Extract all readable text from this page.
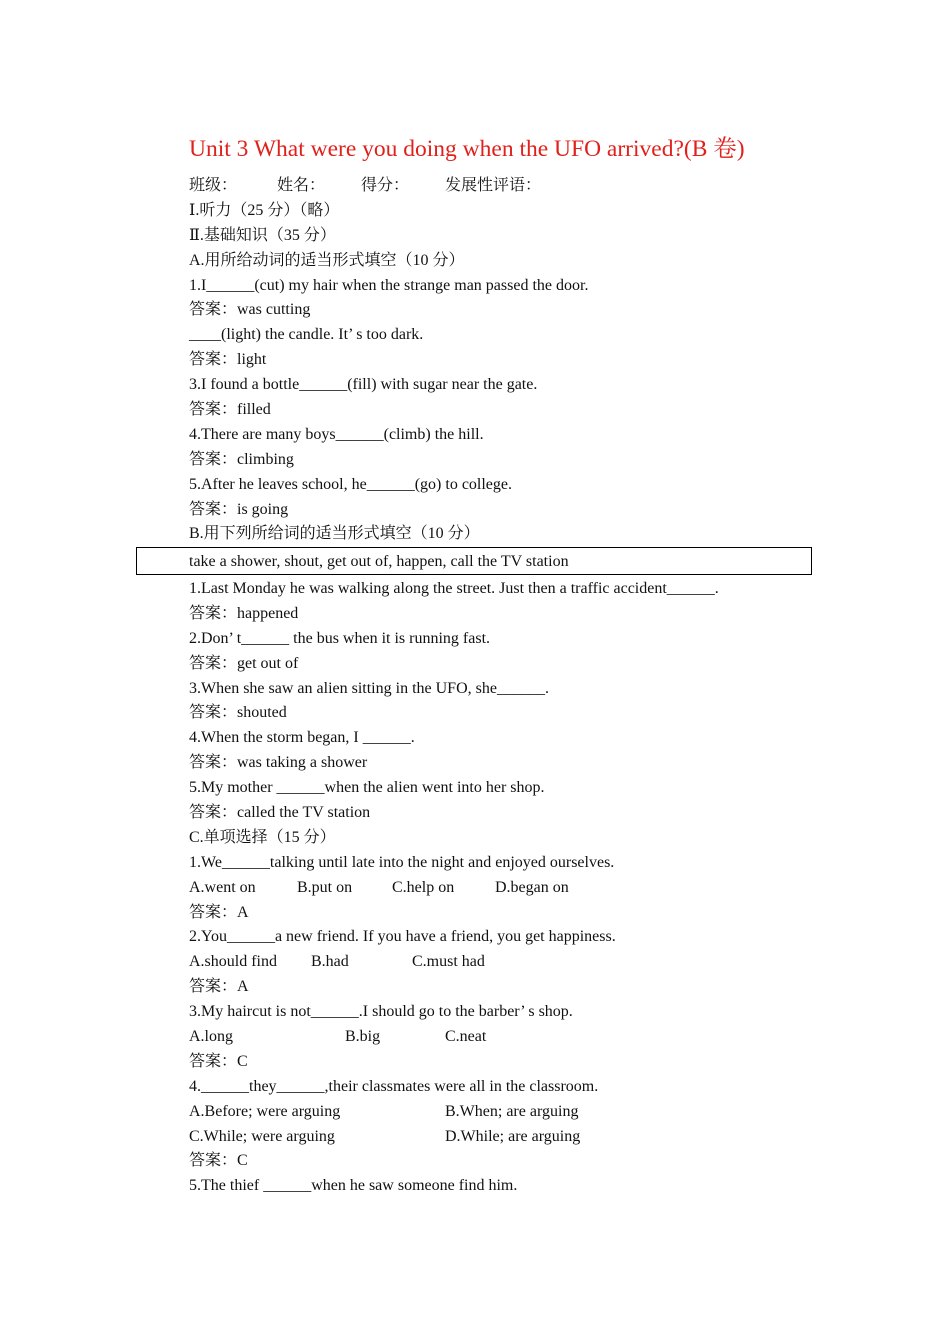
Unit 3 What were you doing when the UFO arrived?(B 卷)
班级： 姓名： 得分： 发展性评语：
Ⅰ.听力（25 分）（略）
Ⅱ.基础知识（35 分）
A.用所给动词的适当形式填空（10 分）
1.I______(cut) my hair when the strange man passed the door.
答案：was cutting
____(light) the candle. It’ s too dark.
答案：light
3.I found a bottle______(fill) with sugar near the gate.
答案：filled
4.There are many boys______(climb) the hill.
答案：climbing
5.After he leaves school, he______(go) to college.
答案：is going
B.用下列所给词的适当形式填空（10 分）
take a shower, shout, get out of, happen, call the TV station
1.Last Monday he was walking along the street. Just then a traffic accident______.
答案：happened
2.Don’ t______ the bus when it is running fast.
答案：get out of
3.When she saw an alien sitting in the UFO, she______.
答案：shouted
4.When the storm began, I ______.
答案：was taking a shower
5.My mother ______when the alien went into her shop.
答案：called the TV station
C.单项选择（15 分）
1.We______talking until late into the night and enjoyed ourselves.
A.went on	B.put on C.help on	D.began on
答案：A
2.You______a new friend. If you have a friend, you get happiness.
A.should find B.had	C.must had
答案：A
3.My haircut is not______.I should go to the barber’ s shop.
A.long	B.big	C.neat
答案：C
4.______they______,their classmates were all in the classroom.
A.Before; were arguing	B.When; are arguing
C.While; were arguing	D.While; are arguing
答案：C
5.The thief ______when he saw someone find him.
